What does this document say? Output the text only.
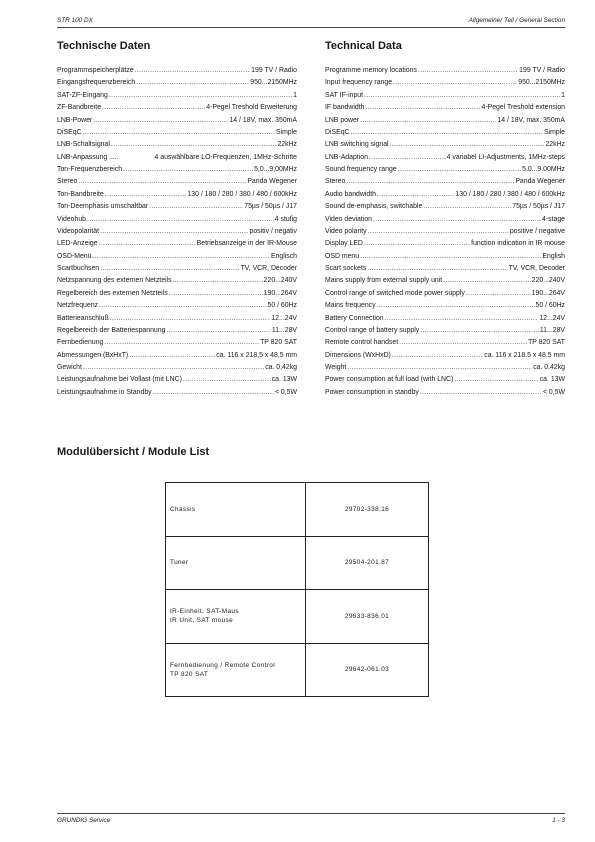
STR 100 DX	Allgemeiner Teil / General Section
Technische Daten
Programmspeicherplätze .....	199 TV / Radio
Eingangsfrequenzbereich .....	950...2150MHz
SAT-ZF-Eingang .....	1
ZF-Bandbreite .....	4-Pegel Treshold Erweiterung
LNB-Power .....	14 / 18V, max. 350mA
DiSEqC .....	Simple
LNB-Schaltsignal .....	22kHz
LNB-Anpassung .....	4 auswählbare LO-Frequenzen, 1MHz-Schritte
Ton-Frequenzbereich .....	5,0...9,00MHz
Stereo .....	Panda Wegener
Ton-Bandbreite .....	130 / 180 / 280 / 380 / 480 / 600kHz
Ton-Deemphasis umschaltbar .....	75µs / 50µs / J17
Videohub .....	4 stufig
Videopolarität .....	positiv / negativ
LED-Anzeige .....	Betriebsanzeige in der IR-Mouse
OSD-Menü .....	Englisch
Scartbuchsen .....	TV, VCR, Decoder
Netzspannung des externen Netzteils .....	220...240V
Regelbereich des externen Netzteils .....	190...264V
Netzfrequenz .....	50 / 60Hz
Batterieanschluß .....	12...24V
Regelbereich der Batteriespannung .....	11...28V
Fernbedienung .....	TP 820 SAT
Abmessungen (BxHxT) .....	ca. 116 x 218,5 x 48,5 mm
Gewicht .....	ca. 0,42kg
Leistungsaufnahme bei Vollast (mit LNC) .....	ca. 13W
Leistungsaufnahme in Standby .....	< 0,5W
Technical Data
Programme memory locations .....	199 TV / Radio
Input frequency range .....	950...2150MHz
SAT IF-input .....	1
IF bandwidth .....	4-Pegel Treshold extension
LNB power .....	14 / 18V, max. 350mA
DiSEqC .....	Simple
LNB switching signal .....	22kHz
LNB-Adaption .....	4 variabel LI-Adjustments, 1MHz-steps
Sound frequency range .....	5.0...9.00MHz
Stereo .....	Panda Wegener
Audio bandwidth .....	130 / 180 / 280 / 380 / 480 / 600kHz
Sound de-emphasis, switchable .....	75µs / 50µs / J17
Video deviation .....	4-stage
Video polarity .....	positive / negative
Display LED .....	function indication in IR mouse
OSD menu .....	English
Scart sockets .....	TV, VCR, Decoder
Mains supply from external supply unit .....	220...240V
Control range of switched mode power supply .....	190...264V
Mains frequency .....	50 / 60Hz
Battery Connection .....	12...24V
Control range of battery supply .....	11...28V
Remote control handset .....	TP 820 SAT
Dimensions (WxHxD) .....	ca. 116 x 218.5 x 48.5 mm
Weight .....	ca. 0.42kg
Power consumption at full load (with LNC) .....	ca. 13W
Power consumption in standby .....	< 0,5W
Modulübersicht / Module List
Chassis	29702-338.16

Tuner	29504-201.87

IR-Einheit, SAT-Maus
IR Unit, SAT mouse	29633-836.01

Fernbedienung / Remote Control
TP 820 SAT	29642-061.03
GRUNDIG Service	1 - 3
